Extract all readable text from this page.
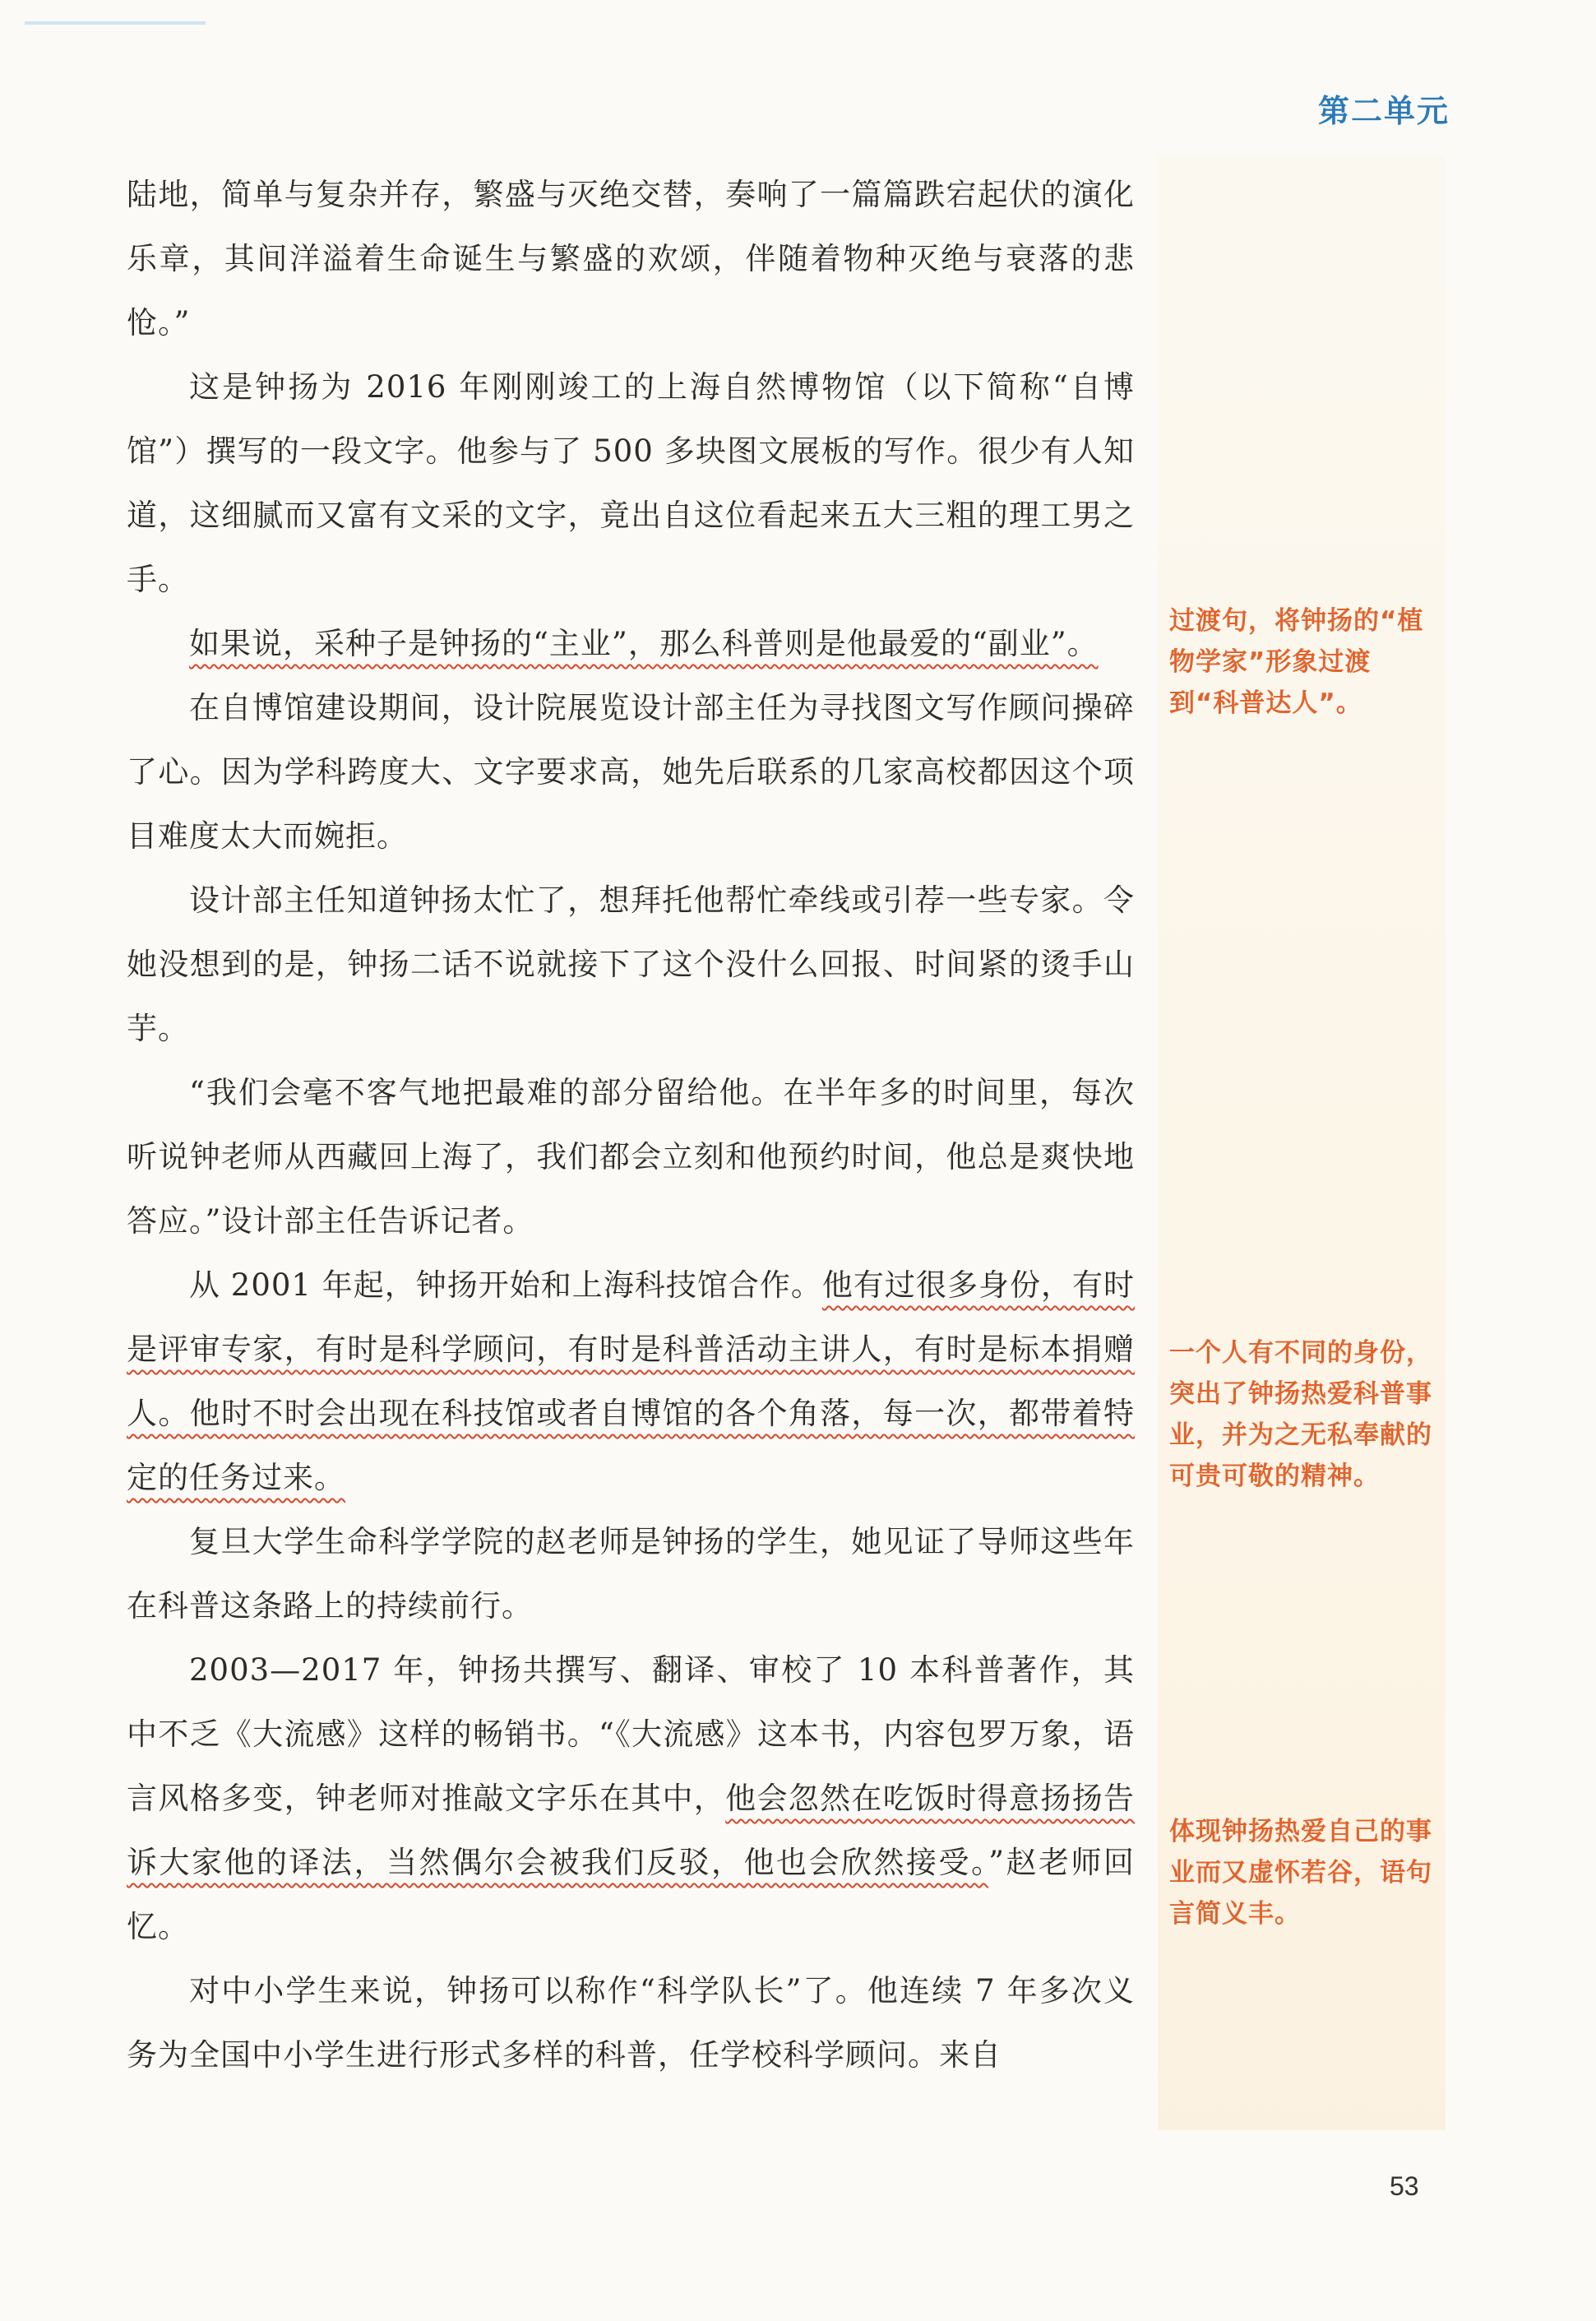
第二单元

陆地，简单与复杂并存，繁盛与灭绝交替，奏响了一篇篇跌宕起伏的演化乐章，其间洋溢着生命诞生与繁盛的欢颂，伴随着物种灭绝与衰落的悲怆。”

这是钟扬为 2016 年刚刚竣工的上海自然博物馆（以下简称“自博馆”）撰写的一段文字。他参与了 500 多块图文展板的写作。很少有人知道，这细腻而又富有文采的文字，竟出自这位看起来五大三粗的理工男之手。

如果说，采种子是钟扬的“主业”，那么科普则是他最爱的“副业”。

在自博馆建设期间，设计院展览设计部主任为寻找图文写作顾问操碎了心。因为学科跨度大、文字要求高，她先后联系的几家高校都因这个项目难度太大而婉拒。

设计部主任知道钟扬太忙了，想拜托他帮忙牵线或引荐一些专家。令她没想到的是，钟扬二话不说就接下了这个没什么回报、时间紧的烫手山芋。

“我们会毫不客气地把最难的部分留给他。在半年多的时间里，每次听说钟老师从西藏回上海了，我们都会立刻和他预约时间，他总是爽快地答应。”设计部主任告诉记者。

从 2001 年起，钟扬开始和上海科技馆合作。他有过很多身份，有时是评审专家，有时是科学顾问，有时是科普活动主讲人，有时是标本捐赠人。他时不时会出现在科技馆或者自博馆的各个角落，每一次，都带着特定的任务过来。

复旦大学生命科学学院的赵老师是钟扬的学生，她见证了导师这些年在科普这条路上的持续前行。

2003—2017 年，钟扬共撰写、翻译、审校了 10 本科普著作，其中不乏《大流感》这样的畅销书。“《大流感》这本书，内容包罗万象，语言风格多变，钟老师对推敲文字乐在其中，他会忽然在吃饭时得意扬扬告诉大家他的译法，当然偶尔会被我们反驳，他也会欣然接受。”赵老师回忆。

对中小学生来说，钟扬可以称作“科学队长”了。他连续 7 年多次义务为全国中小学生进行形式多样的科普，任学校科学顾问。来自

过渡句，将钟扬的“植物学家”形象过渡到“科普达人”。
一个人有不同的身份，突出了钟扬热爱科普事业，并为之无私奉献的可贵可敬的精神。
体现钟扬热爱自己的事业而又虚怀若谷，语句言简义丰。
53
